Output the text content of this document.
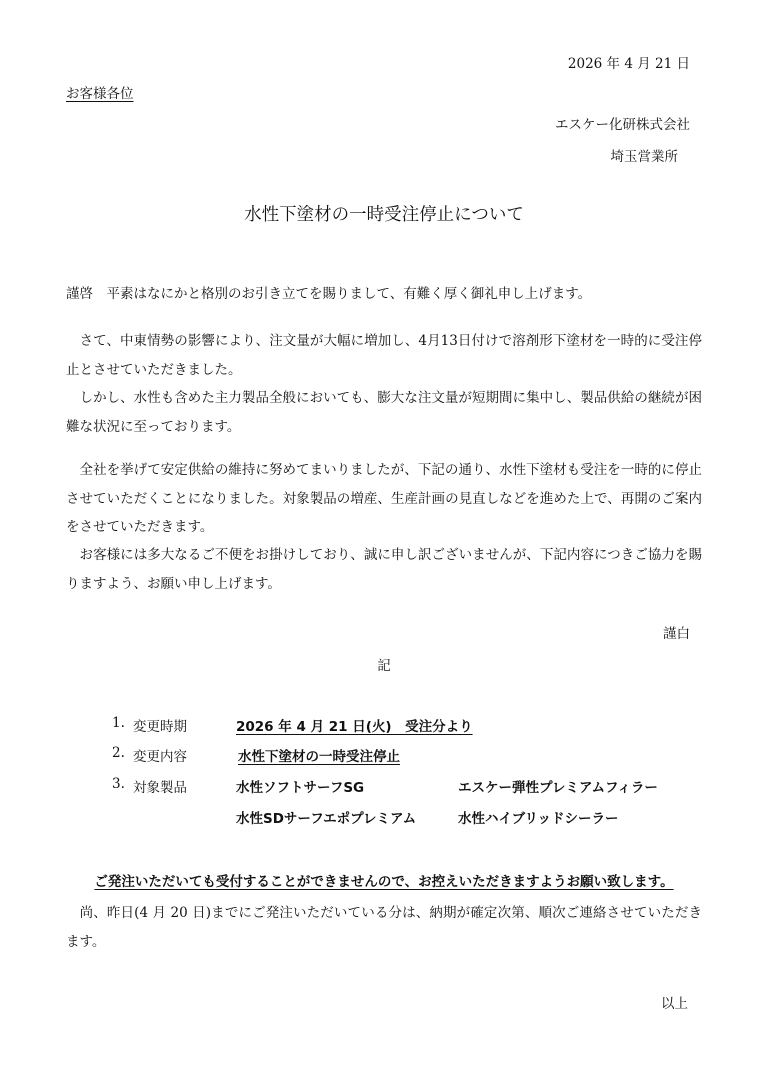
2026 年 4 月 21 日
お客様各位
エスケー化研株式会社
埼玉営業所
水性下塗材の一時受注停止について
謹啓　平素はなにかと格別のお引き立てを賜りまして、有難く厚く御礼申し上げます。
　さて、中東情勢の影響により、注文量が大幅に増加し、4月13日付けで溶剤形下塗材を一時的に受注停止とさせていただきました。
　しかし、水性も含めた主力製品全般においても、膨大な注文量が短期間に集中し、製品供給の継続が困難な状況に至っております。
　全社を挙げて安定供給の維持に努めてまいりましたが、下記の通り、水性下塗材も受注を一時的に停止させていただくことになりました。対象製品の増産、生産計画の見直しなどを進めた上で、再開のご案内をさせていただきます。
　お客様には多大なるご不便をお掛けしており、誠に申し訳ございませんが、下記内容につきご協力を賜りますよう、お願い申し上げます。
謹白
記
1. 変更時期	2026 年 4 月 21 日(火)　受注分より
2. 変更内容	水性下塗材の一時受注停止
3. 対象製品	水性ソフトサーフSG	エスケー弾性プレミアムフィラー
水性SDサーフエポプレミアム	水性ハイブリッドシーラー
ご発注いただいても受付することができませんので、お控えいただきますようお願い致します。
　尚、昨日(4 月 20 日)までにご発注いただいている分は、納期が確定次第、順次ご連絡させていただきます。
以上
